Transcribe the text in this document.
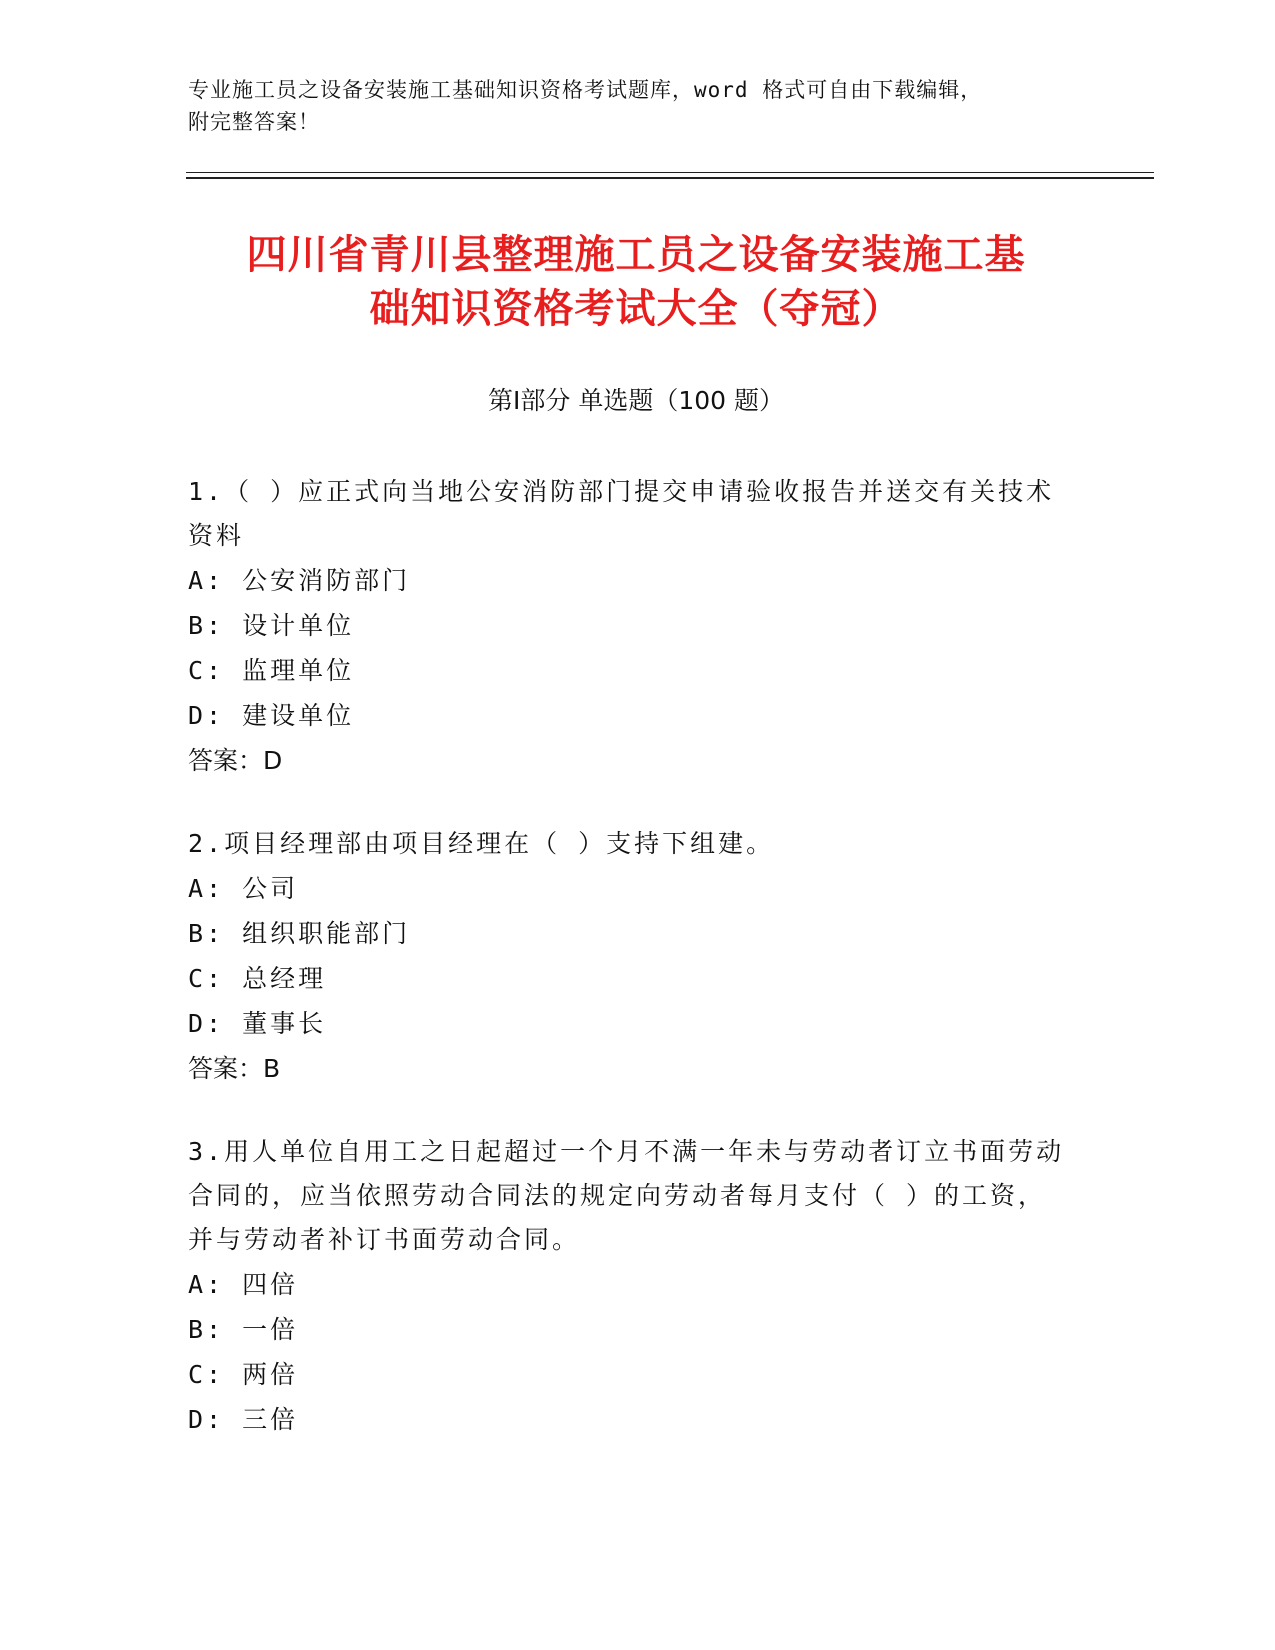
专业施工员之设备安装施工基础知识资格考试题库，word 格式可自由下载编辑，
附完整答案！
四川省青川县整理施工员之设备安装施工基
础知识资格考试大全（夺冠）
第Ⅰ部分 单选题（100 题）
1.（ ）应正式向当地公安消防部门提交申请验收报告并送交有关技术资料
A: 公安消防部门
B: 设计单位
C: 监理单位
D: 建设单位
答案：D
2.项目经理部由项目经理在（ ）支持下组建。
A: 公司
B: 组织职能部门
C: 总经理
D: 董事长
答案：B
3.用人单位自用工之日起超过一个月不满一年未与劳动者订立书面劳动合同的，应当依照劳动合同法的规定向劳动者每月支付（ ）的工资，并与劳动者补订书面劳动合同。
A: 四倍
B: 一倍
C: 两倍
D: 三倍
